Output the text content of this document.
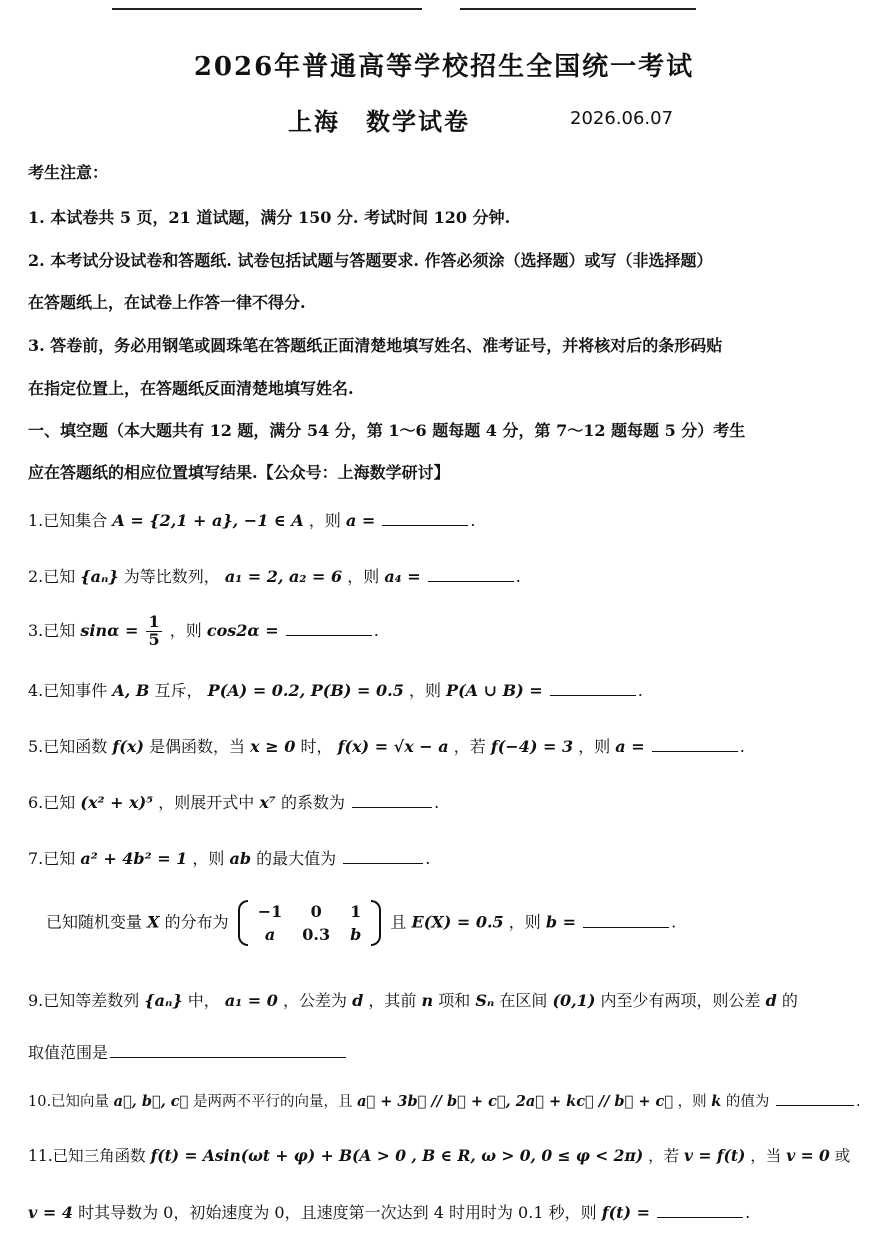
2026年普通高等学校招生全国统一考试
上海　数学试卷	2026.06.07
考生注意：
1. 本试卷共 5 页，21 道试题，满分 150 分. 考试时间 120 分钟.
2. 本考试分设试卷和答题纸. 试卷包括试题与答题要求. 作答必须涂（选择题）或写（非选择题）
在答题纸上，在试卷上作答一律不得分.
3. 答卷前，务必用钢笔或圆珠笔在答题纸正面清楚地填写姓名、准考证号，并将核对后的条形码贴
在指定位置上，在答题纸反面清楚地填写姓名.
一、填空题（本大题共有 12 题，满分 54 分，第 1～6 题每题 4 分，第 7～12 题每题 5 分）考生
应在答题纸的相应位置填写结果.【公众号：上海数学研讨】
1.已知集合 A = {2,1 + a}, −1 ∈ A ，则 a =	.
2.已知 {aₙ} 为等比数列， a₁ = 2, a₂ = 6 ，则 a₄ =	.
3.已知 $\sin\alpha = \frac{1}{5}$ ，则 cos2α =	.
4.已知事件 A, B 互斥， P(A) = 0.2, P(B) = 0.5 ，则 P(A ∪ B) =	.
5.已知函数 f(x) 是偶函数，当 x ≥ 0 时， f(x) = √x − a ，若 f(−4) = 3 ，则 a =	.
6.已知 (x² + x)⁵ ，则展开式中 x⁷ 的系数为	.
7.已知 a² + 4b² = 1 ，则 ab 的最大值为	.
已知随机变量 X 的分布为
−1	0	1
a	0.3	b
且 E(X) = 0.5 ，则 b =	.
9.已知等差数列 {aₙ} 中， a₁ = 0 ，公差为 d ，其前 n 项和 Sₙ 在区间 (0,1) 内至少有两项，则公差 d 的
取值范围是
10.已知向量 a⃗, b⃗, c⃗ 是两两不平行的向量，且 a⃗ + 3b⃗ // b⃗ + c⃗, 2a⃗ + kc⃗ // b⃗ + c⃗ ，则 k 的值为	.
11.已知三角函数 f(t) = Asin(ωt + φ) + B(A > 0 , B ∈ R, ω > 0, 0 ≤ φ < 2π) ，若 v = f(t) ，当 v = 0 或
v = 4 时其导数为 0，初始速度为 0，且速度第一次达到 4 时用时为 0.1 秒，则 f(t) =	.
